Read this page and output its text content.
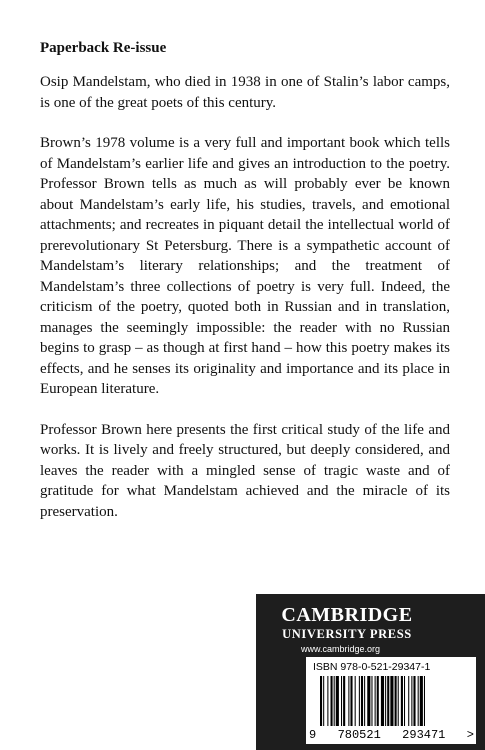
Paperback Re-issue

Osip Mandelstam, who died in 1938 in one of Stalin’s labor camps, is one of the great poets of this century.

Brown’s 1978 volume is a very full and important book which tells of Mandelstam’s earlier life and gives an introduction to the poetry. Professor Brown tells as much as will probably ever be known about Mandelstam’s early life, his studies, travels, and emotional attachments; and recreates in piquant detail the intellectual world of prerevolutionary St Petersburg. There is a sympathetic account of Mandelstam’s literary relationships; and the treatment of Mandelstam’s three collections of poetry is very full. Indeed, the criticism of the poetry, quoted both in Russian and in translation, manages the seemingly impossible: the reader with no Russian begins to grasp – as though at first hand – how this poetry makes its effects, and he senses its originality and importance and its place in European literature.

Professor Brown here presents the first critical study of the life and works. It is lively and freely structured, but deeply considered, and leaves the reader with a mingled sense of tragic waste and of gratitude for what Mandelstam achieved and the miracle of its preservation.

CAMBRIDGE
UNIVERSITY PRESS
www.cambridge.org
ISBN 978-0-521-29347-1
9 780521 293471 >
